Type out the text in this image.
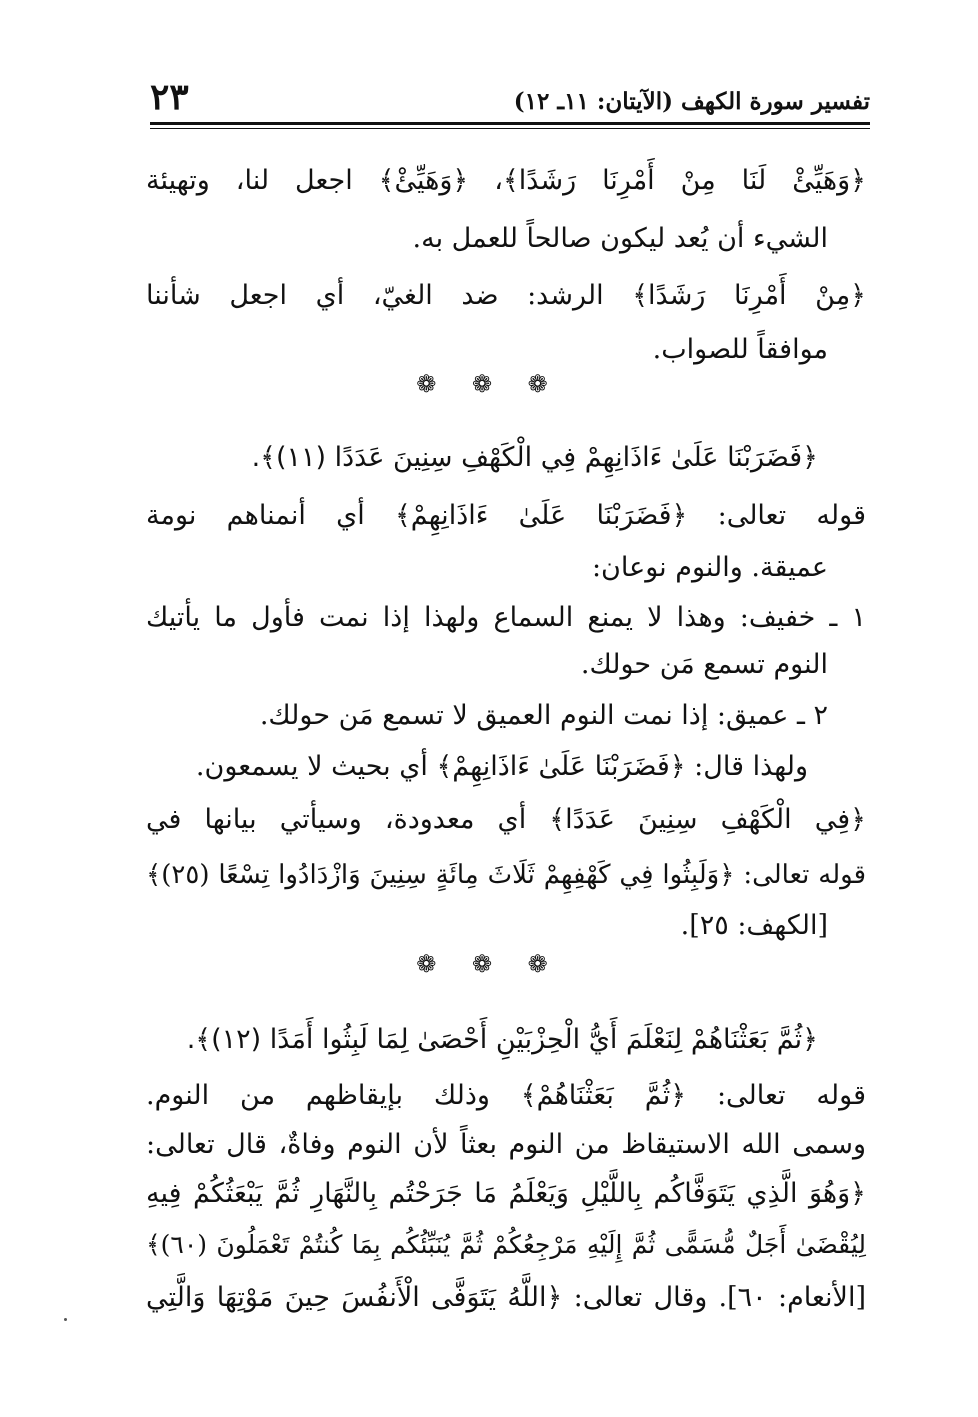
تفسير سورة الكهف (الآيتان: ١١ـ ١٢)
٢٣
﴿وَهَيِّئْ لَنَا مِنْ أَمْرِنَا رَشَدًا﴾، ﴿وَهَيِّئْ﴾ اجعل لنا، وتهيئة
الشيء أن يُعد ليكون صالحاً للعمل به.
﴿مِنْ أَمْرِنَا رَشَدًا﴾ الرشد: ضد الغيّ، أي اجعل شأننا
موافقاً للصواب.
❁ ❁ ❁
﴿فَضَرَبْنَا عَلَىٰ ءَاذَانِهِمْ فِي الْكَهْفِ سِنِينَ عَدَدًا (١١)﴾.
قوله تعالى: ﴿فَضَرَبْنَا عَلَىٰ ءَاذَانِهِمْ﴾ أي أنمناهم نومة
عميقة. والنوم نوعان:
١ ـ خفيف: وهذا لا يمنع السماع ولهذا إذا نمت فأول ما يأتيك
النوم تسمع مَن حولك.
٢ ـ عميق: إذا نمت النوم العميق لا تسمع مَن حولك.
ولهذا قال: ﴿فَضَرَبْنَا عَلَىٰ ءَاذَانِهِمْ﴾ أي بحيث لا يسمعون.
﴿فِي الْكَهْفِ سِنِينَ عَدَدًا﴾ أي معدودة، وسيأتي بيانها في
قوله تعالى: ﴿وَلَبِثُوا فِي كَهْفِهِمْ ثَلَاثَ مِائَةٍ سِنِينَ وَازْدَادُوا تِسْعًا (٢٥)﴾
[الكهف: ٢٥].
❁ ❁ ❁
﴿ثُمَّ بَعَثْنَاهُمْ لِنَعْلَمَ أَيُّ الْحِزْبَيْنِ أَحْصَىٰ لِمَا لَبِثُوا أَمَدًا (١٢)﴾.
قوله تعالى: ﴿ثُمَّ بَعَثْنَاهُمْ﴾ وذلك بإيقاظهم من النوم.
وسمى الله الاستيقاظ من النوم بعثاً لأن النوم وفاةٌ، قال تعالى:
﴿وَهُوَ الَّذِي يَتَوَفَّاكُم بِاللَّيْلِ وَيَعْلَمُ مَا جَرَحْتُم بِالنَّهَارِ ثُمَّ يَبْعَثُكُمْ فِيهِ
لِيُقْضَىٰ أَجَلٌ مُّسَمًّى ثُمَّ إِلَيْهِ مَرْجِعُكُمْ ثُمَّ يُنَبِّئُكُم بِمَا كُنتُمْ تَعْمَلُونَ (٦٠)﴾
[الأنعام: ٦٠]. وقال تعالى: ﴿اللَّهُ يَتَوَفَّى الْأَنفُسَ حِينَ مَوْتِهَا وَالَّتِي
